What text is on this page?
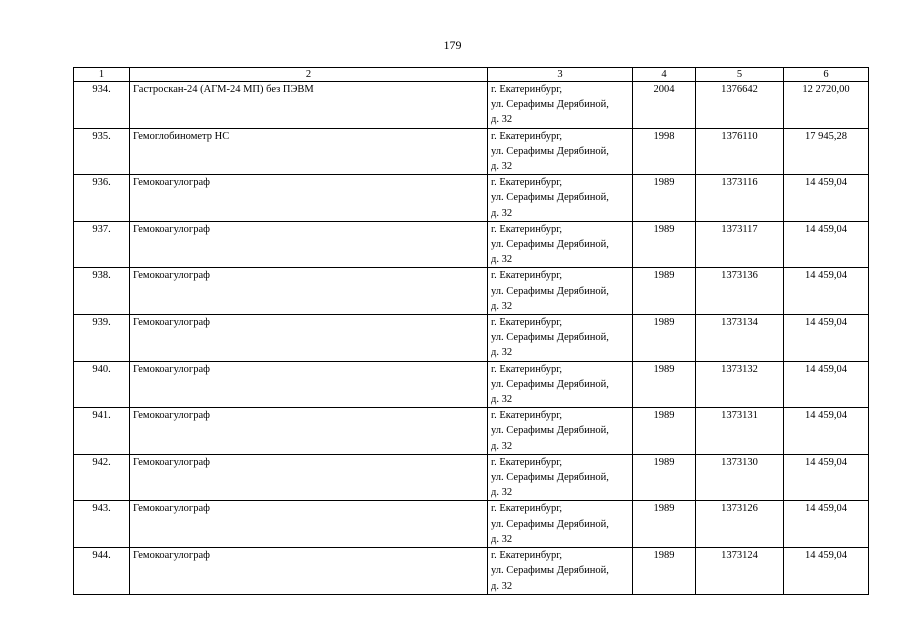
179
1	2	3	4	5	6
934.	Гастроскан-24 (АГМ-24 МП) без ПЭВМ	г. Екатеринбург,
ул. Серафимы Дерябиной,
д. 32	2004	1376642	12 2720,00
935.	Гемоглобинометр НС	г. Екатеринбург,
ул. Серафимы Дерябиной,
д. 32	1998	1376110	17 945,28
936.	Гемокоагулограф	г. Екатеринбург,
ул. Серафимы Дерябиной,
д. 32	1989	1373116	14 459,04
937.	Гемокоагулограф	г. Екатеринбург,
ул. Серафимы Дерябиной,
д. 32	1989	1373117	14 459,04
938.	Гемокоагулограф	г. Екатеринбург,
ул. Серафимы Дерябиной,
д. 32	1989	1373136	14 459,04
939.	Гемокоагулограф	г. Екатеринбург,
ул. Серафимы Дерябиной,
д. 32	1989	1373134	14 459,04
940.	Гемокоагулограф	г. Екатеринбург,
ул. Серафимы Дерябиной,
д. 32	1989	1373132	14 459,04
941.	Гемокоагулограф	г. Екатеринбург,
ул. Серафимы Дерябиной,
д. 32	1989	1373131	14 459,04
942.	Гемокоагулограф	г. Екатеринбург,
ул. Серафимы Дерябиной,
д. 32	1989	1373130	14 459,04
943.	Гемокоагулограф	г. Екатеринбург,
ул. Серафимы Дерябиной,
д. 32	1989	1373126	14 459,04
944.	Гемокоагулограф	г. Екатеринбург,
ул. Серафимы Дерябиной,
д. 32	1989	1373124	14 459,04
